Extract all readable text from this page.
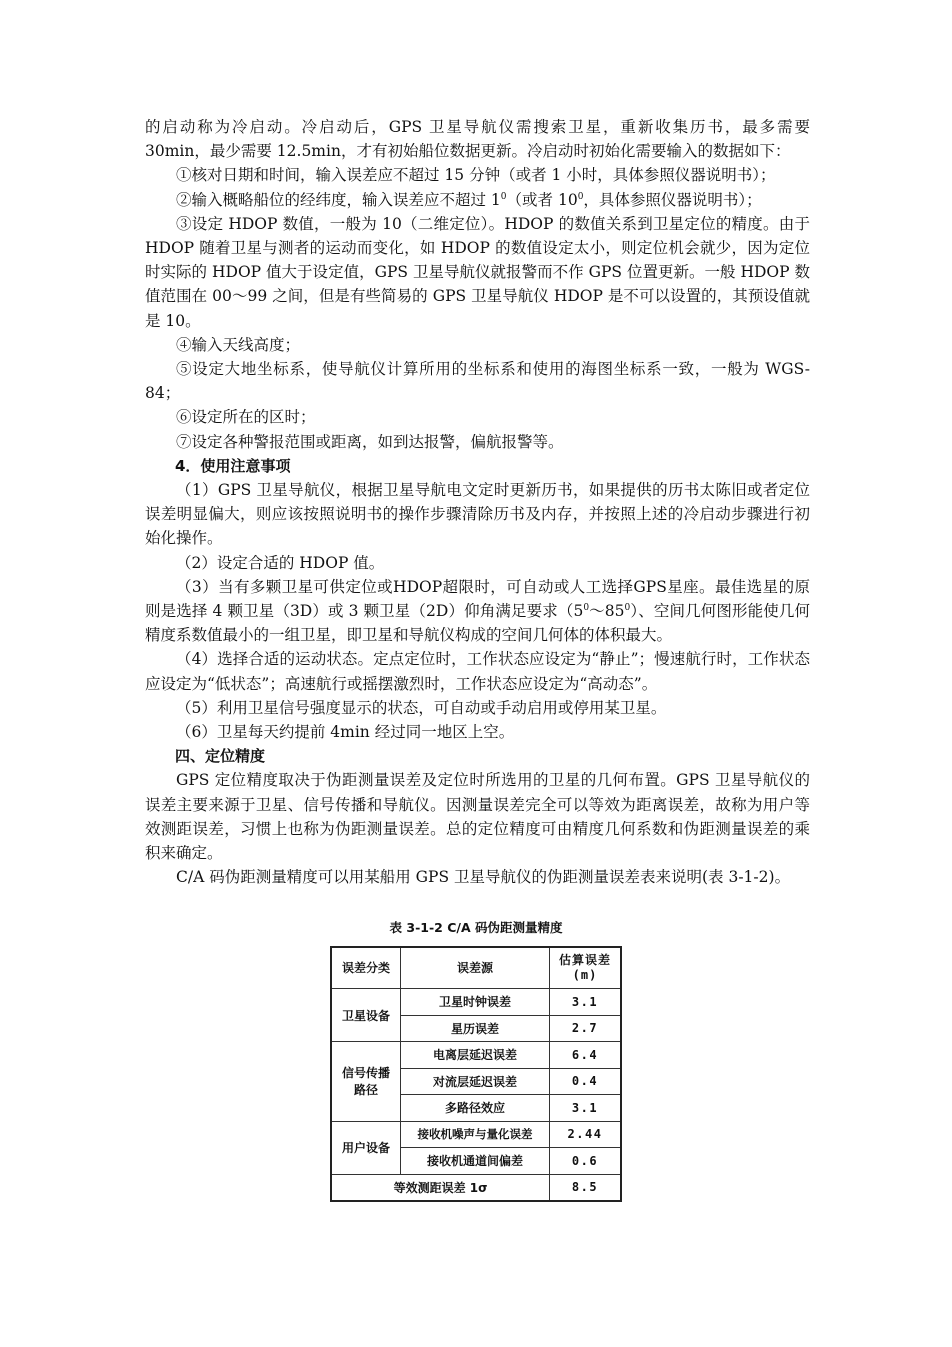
的启动称为冷启动。冷启动后，GPS 卫星导航仪需搜索卫星，重新收集历书，最多需要 30min，最少需要 12.5min，才有初始船位数据更新。冷启动时初始化需要输入的数据如下：

①核对日期和时间，输入误差应不超过 15 分钟（或者 1 小时，具体参照仪器说明书）；

②输入概略船位的经纬度，输入误差应不超过 $1^0$（或者 $10^0$，具体参照仪器说明书）；

③设定 HDOP 数值，一般为 10（二维定位）。HDOP 的数值关系到卫星定位的精度。由于 HDOP 随着卫星与测者的运动而变化，如 HDOP 的数值设定太小，则定位机会就少，因为定位时实际的 HDOP 值大于设定值，GPS 卫星导航仪就报警而不作 GPS 位置更新。一般 HDOP 数值范围在 00～99 之间，但是有些简易的 GPS 卫星导航仪 HDOP 是不可以设置的，其预设值就是 10。

④输入天线高度；

⑤设定大地坐标系，使导航仪计算所用的坐标系和使用的海图坐标系一致，一般为 WGS-84；

⑥设定所在的区时；

⑦设定各种警报范围或距离，如到达报警，偏航报警等。

4．使用注意事项

（1）GPS 卫星导航仪，根据卫星导航电文定时更新历书，如果提供的历书太陈旧或者定位误差明显偏大，则应该按照说明书的操作步骤清除历书及内存，并按照上述的冷启动步骤进行初始化操作。

（2）设定合适的 HDOP 值。

（3）当有多颗卫星可供定位或HDOP超限时，可自动或人工选择GPS星座。最佳选星的原则是选择 4 颗卫星（3D）或 3 颗卫星（2D）仰角满足要求$(5^0\sim 85^0)$、空间几何图形能使几何精度系数值最小的一组卫星，即卫星和导航仪构成的空间几何体的体积最大。

（4）选择合适的运动状态。定点定位时，工作状态应设定为“静止”；慢速航行时，工作状态应设定为“低状态”；高速航行或摇摆激烈时，工作状态应设定为“高动态”。

（5）利用卫星信号强度显示的状态，可自动或手动启用或停用某卫星。

（6）卫星每天约提前 4min 经过同一地区上空。

四、定位精度

GPS 定位精度取决于伪距测量误差及定位时所选用的卫星的几何布置。GPS 卫星导航仪的误差主要来源于卫星、信号传播和导航仪。因测量误差完全可以等效为距离误差，故称为用户等效测距误差，习惯上也称为伪距测量误差。总的定位精度可由精度几何系数和伪距测量误差的乘积来确定。

C/A 码伪距测量精度可以用某船用 GPS 卫星导航仪的伪距测量误差表来说明(表 3-1-2)。

表 3-1-2 C/A 码伪距测量精度
误差分类	误差源	估算误差
(m)
卫星设备	卫星时钟误差	3.1
	星历误差	2.7
信号传播
路径	电离层延迟误差	6.4
	对流层延迟误差	0.4
	多路径效应	3.1
用户设备	接收机噪声与量化误差	2.44
	接收机通道间偏差	0.6
等效测距误差 1σ		8.5
